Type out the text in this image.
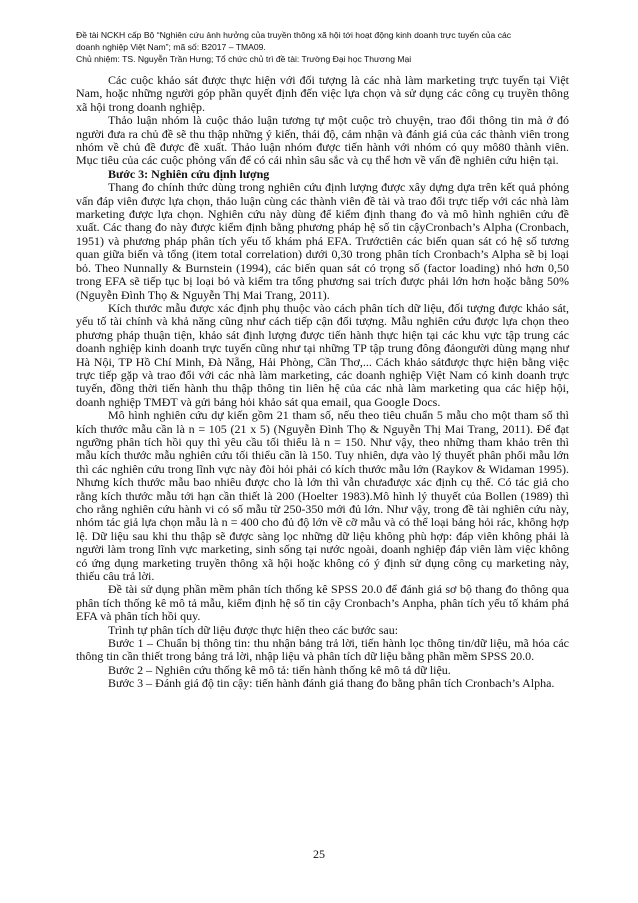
Đề tài NCKH cấp Bộ “Nghiên cứu ảnh hưởng của truyền thông xã hội tới hoạt động kinh doanh trực tuyến của các

doanh nghiệp Việt Nam”; mã số: B2017 – TMA09.

Chủ nhiệm: TS. Nguyễn Trần Hưng; Tổ chức chủ trì đề tài: Trường Đại học Thương Mại

Các cuộc khảo sát được thực hiện với đối tượng là các nhà làm marketing trực tuyến tại Việt Nam, hoặc những người góp phần quyết định đến việc lựa chọn và sử dụng các công cụ truyền thông xã hội trong doanh nghiệp.

Thảo luận nhóm là cuộc thảo luận tương tự một cuộc trò chuyện, trao đổi thông tin mà ở đó người đưa ra chủ đề sẽ thu thập những ý kiến, thái độ, cảm nhận và đánh giá của các thành viên trong nhóm về chủ đề được đề xuất. Thảo luận nhóm được tiến hành với nhóm có quy mô80 thành viên. Mục tiêu của các cuộc phỏng vấn để có cái nhìn sâu sắc và cụ thể hơn về vấn đề nghiên cứu hiện tại.

Bước 3: Nghiên cứu định lượng

Thang đo chính thức dùng trong nghiên cứu định lượng được xây dựng dựa trên kết quả phỏng vấn đáp viên được lựa chọn, thảo luận cùng các thành viên đề tài và trao đổi trực tiếp với các nhà làm marketing được lựa chọn. Nghiên cứu này dùng để kiểm định thang đo và mô hình nghiên cứu đề xuất. Các thang đo này được kiểm định bằng phương pháp hệ số tin cậyCronbach’s Alpha (Cronbach, 1951) và phương pháp phân tích yếu tố khám phá EFA. Trướctiên các biến quan sát có hệ số tương quan giữa biến và tổng (item total correlation) dưới 0,30 trong phân tích Cronbach’s Alpha sẽ bị loại bỏ. Theo Nunnally & Burnstein (1994), các biến quan sát có trọng số (factor loading) nhỏ hơn 0,50 trong EFA sẽ tiếp tục bị loại bỏ và kiểm tra tổng phương sai trích được phải lớn hơn hoặc bằng 50% (Nguyễn Đình Thọ & Nguyễn Thị Mai Trang, 2011).

Kích thước mẫu được xác định phụ thuộc vào cách phân tích dữ liệu, đối tượng được khảo sát, yếu tố tài chính và khả năng cũng như cách tiếp cận đối tượng. Mẫu nghiên cứu được lựa chọn theo phương pháp thuận tiện, khảo sát định lượng được tiến hành thực hiện tại các khu vực tập trung các doanh nghiệp kinh doanh trực tuyến cũng như tại những TP tập trung đông đảongười dùng mạng như Hà Nội, TP Hồ Chí Minh, Đà Nẵng, Hải Phòng, Cần Thơ,... Cách khảo sátđược thực hiện bằng việc trực tiếp gặp và trao đổi với các nhà làm marketing, các doanh nghiệp Việt Nam có kinh doanh trực tuyến, đồng thời tiến hành thu thập thông tin liên hệ của các nhà làm marketing qua các hiệp hội, doanh nghiệp TMĐT và gửi bảng hỏi khảo sát qua email, qua Google Docs.

Mô hình nghiên cứu dự kiến gồm 21 tham số, nếu theo tiêu chuẩn 5 mẫu cho một tham số thì kích thước mẫu cần là n = 105 (21 x 5) (Nguyễn Đình Thọ & Nguyễn Thị Mai Trang, 2011). Để đạt ngưỡng phân tích hồi quy thì yêu cầu tối thiểu là n = 150. Như vậy, theo những tham khảo trên thì mẫu kích thước mẫu nghiên cứu tối thiểu cần là 150. Tuy nhiên, dựa vào lý thuyết phân phối mẫu lớn thì các nghiên cứu trong lĩnh vực này đòi hỏi phải có kích thước mẫu lớn (Raykov & Widaman 1995). Nhưng kích thước mẫu bao nhiêu được cho là lớn thì vẫn chưađược xác định cụ thể. Có tác giả cho rằng kích thước mẫu tới hạn cần thiết là 200 (Hoelter 1983).Mô hình lý thuyết của Bollen (1989) thì cho rằng nghiên cứu hành vi có số mẫu từ 250-350 mới đủ lớn. Như vậy, trong đề tài nghiên cứu này, nhóm tác giả lựa chọn mẫu là n = 400 cho đủ độ lớn về cỡ mẫu và có thể loại bảng hỏi rác, không hợp lệ. Dữ liệu sau khi thu thập sẽ được sàng lọc những dữ liệu không phù hợp: đáp viên không phải là người làm trong lĩnh vực marketing, sinh sống tại nước ngoài, doanh nghiệp đáp viên làm việc không có ứng dụng marketing truyền thông xã hội hoặc không có ý định sử dụng công cụ marketing này, thiếu câu trả lời.

Đề tài sử dụng phần mềm phân tích thống kê SPSS 20.0 để đánh giá sơ bộ thang đo thông qua phân tích thống kê mô tả mẫu, kiểm định hệ số tin cậy Cronbach’s Anpha, phân tích yếu tố khám phá EFA và phân tích hồi quy.

Trình tự phân tích dữ liệu được thực hiện theo các bước sau:

Bước 1 – Chuẩn bị thông tin: thu nhận bảng trả lời, tiến hành lọc thông tin/dữ liệu, mã hóa các thông tin cần thiết trong bảng trả lời, nhập liệu và phân tích dữ liệu bằng phần mềm SPSS 20.0.

Bước 2 – Nghiên cứu thống kê mô tả: tiến hành thống kê mô tả dữ liệu.

Bước 3 – Đánh giá độ tin cậy: tiến hành đánh giá thang đo bằng phân tích Cronbach’s Alpha.

25
